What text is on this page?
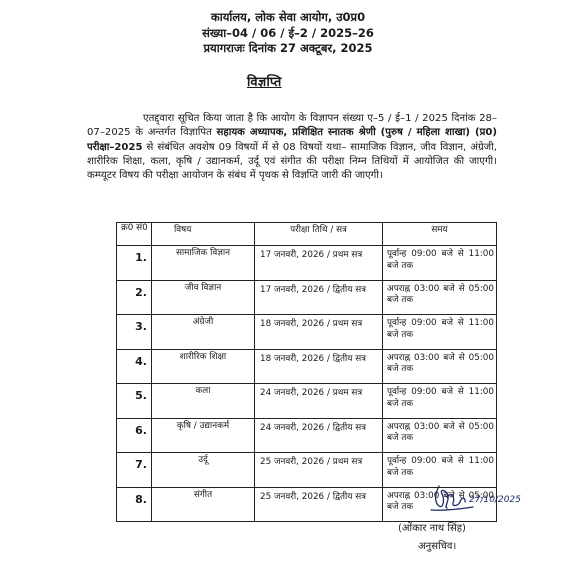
कार्यालय, लोक सेवा आयोग, उ0प्र0
संख्या–04 / 06 / ई–2 / 2025–26
प्रयागराजः दिनांक 27 अक्टूबर, 2025
विज्ञप्ति

एतद्द्वारा सूचित किया जाता है कि आयोग के विज्ञापन संख्या ए–5 / ई–1 / 2025 दिनांक 28–07–2025 के अन्तर्गत विज्ञापित सहायक अध्यापक, प्रशिक्षित स्नातक श्रेणी (पुरुष / महिला शाखा) (प्र0) परीक्षा–2025 से संबंधित अवशेष 09 विषयों में से 08 विषयों यथा– सामाजिक विज्ञान, जीव विज्ञान, अंग्रेजी, शारीरिक शिक्षा, कला, कृषि / उद्यानकर्म, उर्दू एवं संगीत की परीक्षा निम्न तिथियों में आयोजित की जाएगी। कम्प्यूटर विषय की परीक्षा आयोजन के संबंध में पृथक से विज्ञप्ति जारी की जाएगी।

क्र0 सं0	विषय	परीक्षा तिथि / सत्र	समय
1.	सामाजिक विज्ञान	17 जनवरी, 2026 / प्रथम सत्र	पूर्वान्ह 09:00 बजे से 11:00 बजे तक
2.	जीव विज्ञान	17 जनवरी, 2026 / द्वितीय सत्र	अपराह्न 03:00 बजे से 05:00 बजे तक
3.	अंग्रेजी	18 जनवरी, 2026 / प्रथम सत्र	पूर्वान्ह 09:00 बजे से 11:00 बजे तक
4.	शारीरिक शिक्षा	18 जनवरी, 2026 / द्वितीय सत्र	अपराह्न 03:00 बजे से 05:00 बजे तक
5.	कला	24 जनवरी, 2026 / प्रथम सत्र	पूर्वान्ह 09:00 बजे से 11:00 बजे तक
6.	कृषि / उद्यानकर्म	24 जनवरी, 2026 / द्वितीय सत्र	अपराह्न 03:00 बजे से 05:00 बजे तक
7.	उर्दू	25 जनवरी, 2026 / प्रथम सत्र	पूर्वान्ह 09:00 बजे से 11:00 बजे तक
8.	संगीत	25 जनवरी, 2026 / द्वितीय सत्र	अपराह्न 03:00 बजे से 05:00 बजे तक
27/10/2025
(ओंकार नाथ सिंह)
अनुसचिव।
